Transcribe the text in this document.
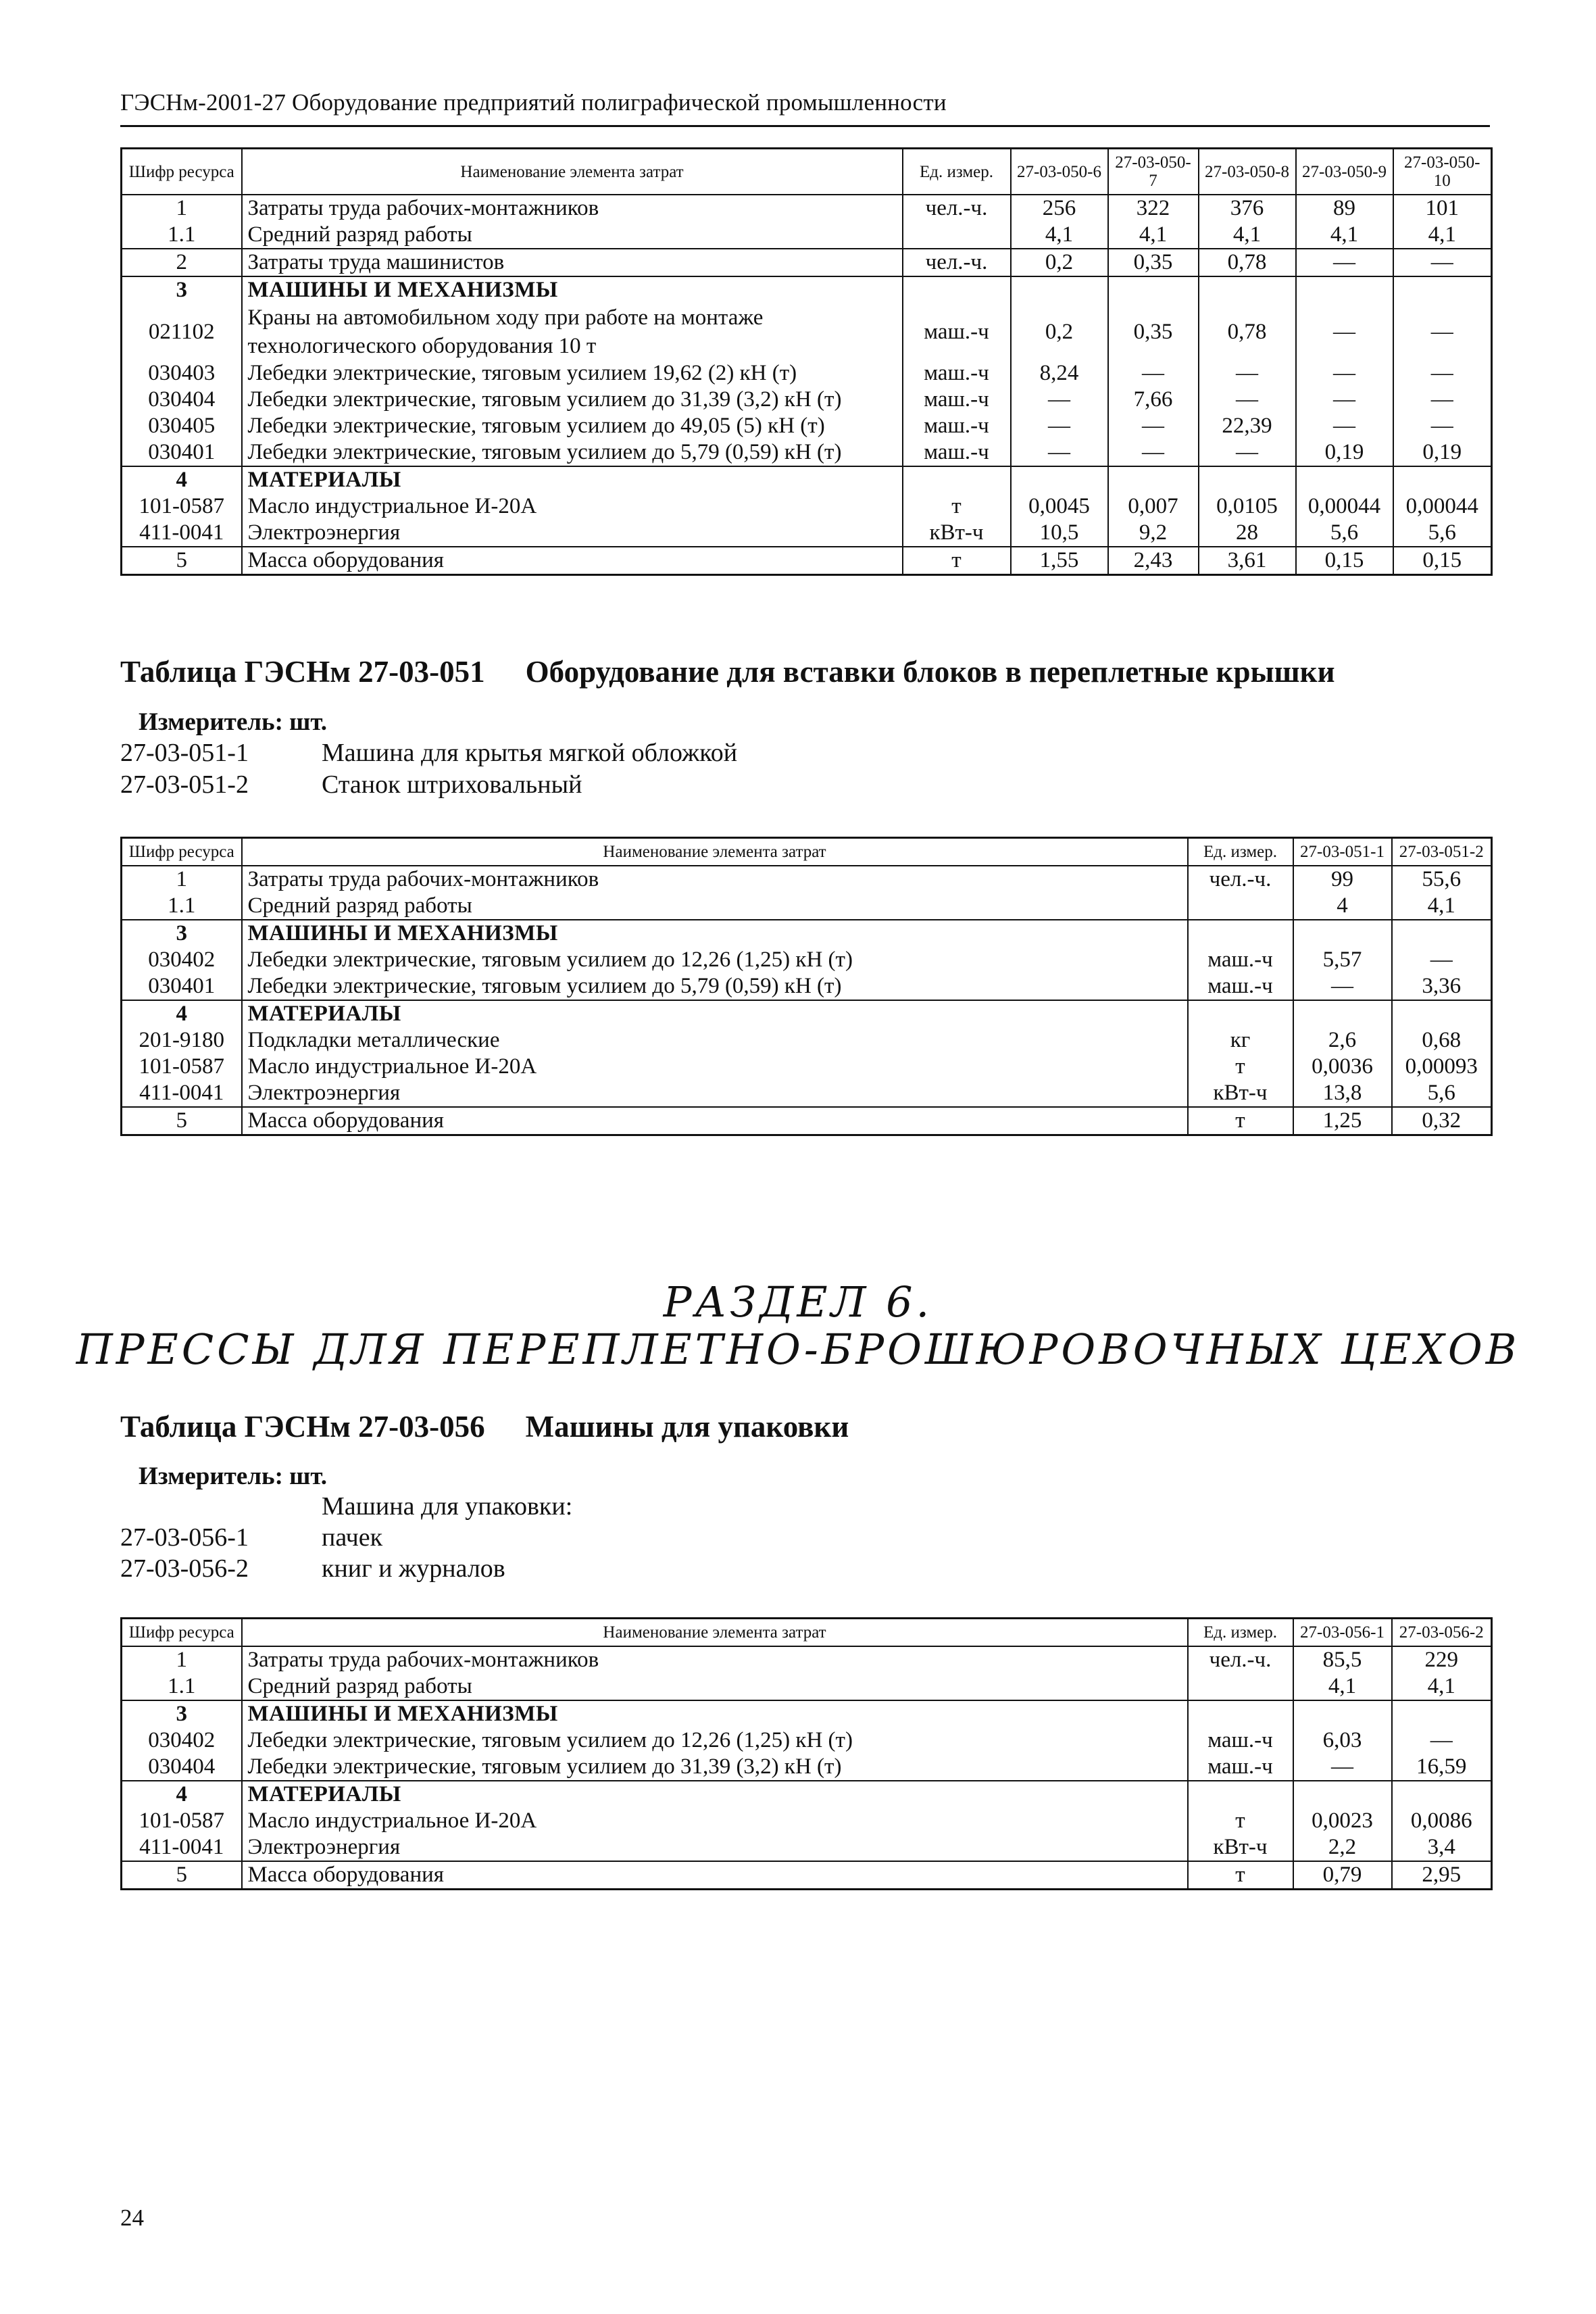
ГЭСНм-2001-27 Оборудование предприятий полиграфической промышленности
Шифр ресурса	Наименование элемента затрат	Ед. измер.	27-03-050-6	27-03-050-7	27-03-050-8	27-03-050-9	27-03-050-10
1	Затраты труда рабочих-монтажников	чел.-ч.	256	322	376	89	101
1.1	Средний разряд работы		4,1	4,1	4,1	4,1	4,1
2	Затраты труда машинистов	чел.-ч.	0,2	0,35	0,78	—	—
3	МАШИНЫ И МЕХАНИЗМЫ						
021102	Краны на автомобильном ходу при работе на монтаже технологического оборудования 10 т	маш.-ч	0,2	0,35	0,78	—	—
030403	Лебедки электрические, тяговым усилием 19,62 (2) кН (т)	маш.-ч	8,24	—	—	—	—
030404	Лебедки электрические, тяговым усилием до 31,39 (3,2) кН (т)	маш.-ч	—	7,66	—	—	—
030405	Лебедки электрические, тяговым усилием до 49,05 (5) кН (т)	маш.-ч	—	—	22,39	—	—
030401	Лебедки электрические, тяговым усилием до 5,79 (0,59) кН (т)	маш.-ч	—	—	—	0,19	0,19
4	МАТЕРИАЛЫ						
101-0587	Масло индустриальное И-20А	т	0,0045	0,007	0,0105	0,00044	0,00044
411-0041	Электроэнергия	кВт-ч	10,5	9,2	28	5,6	5,6
5	Масса оборудования	т	1,55	2,43	3,61	0,15	0,15
Таблица ГЭСНм 27-03-051 Оборудование для вставки блоков в переплетные крышки
Измеритель: шт.
27-03-051-1	Машина для крытья мягкой обложкой
27-03-051-2	Станок штриховальный
Шифр ресурса	Наименование элемента затрат	Ед. измер.	27-03-051-1	27-03-051-2
1	Затраты труда рабочих-монтажников	чел.-ч.	99	55,6
1.1	Средний разряд работы		4	4,1
3	МАШИНЫ И МЕХАНИЗМЫ			
030402	Лебедки электрические, тяговым усилием до 12,26 (1,25) кН (т)	маш.-ч	5,57	—
030401	Лебедки электрические, тяговым усилием до 5,79 (0,59) кН (т)	маш.-ч	—	3,36
4	МАТЕРИАЛЫ			
201-9180	Подкладки металлические	кг	2,6	0,68
101-0587	Масло индустриальное И-20А	т	0,0036	0,00093
411-0041	Электроэнергия	кВт-ч	13,8	5,6
5	Масса оборудования	т	1,25	0,32
РАЗДЕЛ 6.
ПРЕССЫ ДЛЯ ПЕРЕПЛЕТНО-БРОШЮРОВОЧНЫХ ЦЕХОВ
Таблица ГЭСНм 27-03-056 Машины для упаковки
Измеритель: шт.
Машина для упаковки:
27-03-056-1	пачек
27-03-056-2	книг и журналов
Шифр ресурса	Наименование элемента затрат	Ед. измер.	27-03-056-1	27-03-056-2
1	Затраты труда рабочих-монтажников	чел.-ч.	85,5	229
1.1	Средний разряд работы		4,1	4,1
3	МАШИНЫ И МЕХАНИЗМЫ			
030402	Лебедки электрические, тяговым усилием до 12,26 (1,25) кН (т)	маш.-ч	6,03	—
030404	Лебедки электрические, тяговым усилием до 31,39 (3,2) кН (т)	маш.-ч	—	16,59
4	МАТЕРИАЛЫ			
101-0587	Масло индустриальное И-20А	т	0,0023	0,0086
411-0041	Электроэнергия	кВт-ч	2,2	3,4
5	Масса оборудования	т	0,79	2,95
24
